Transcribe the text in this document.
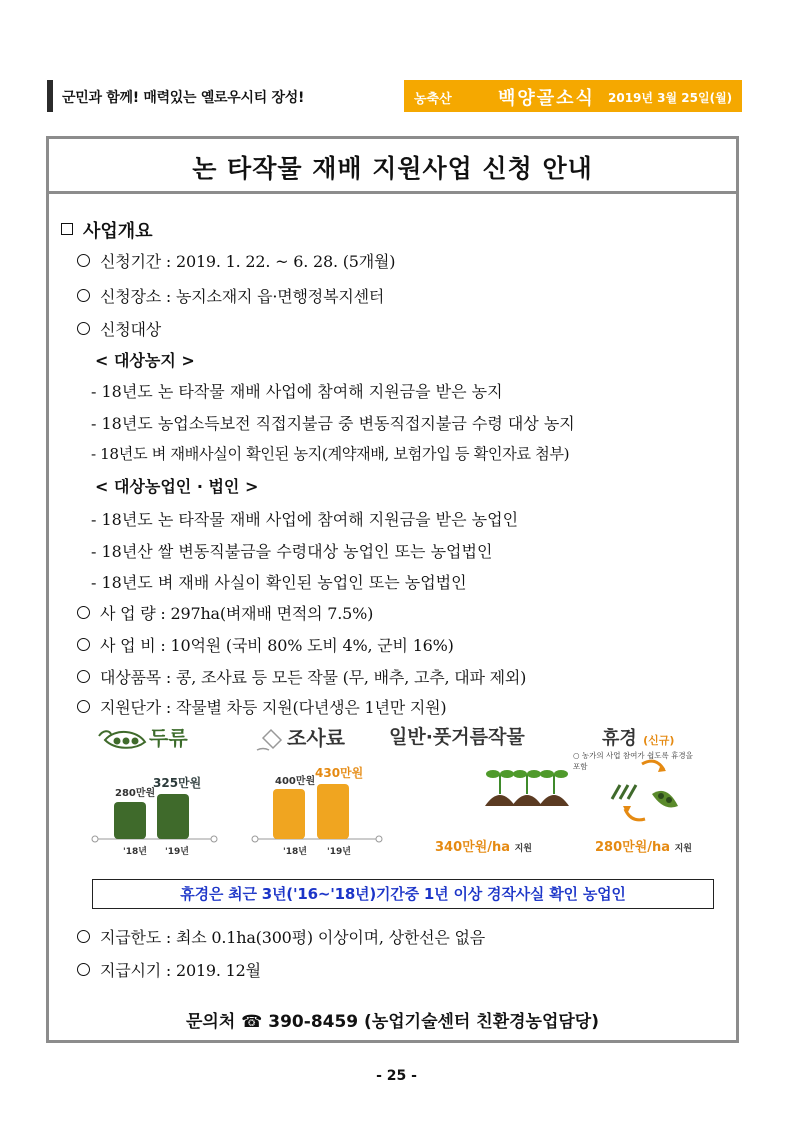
군민과 함께! 매력있는 옐로우시티 장성!	농축산	백양골소식 2019년 3월 25일(월)
논 타작물 재배 지원사업 신청 안내
사업개요
신청기간 : 2019. 1. 22. ~ 6. 28. (5개월)
신청장소 : 농지소재지 읍·면행정복지센터
신청대상
< 대상농지 >
- 18년도 논 타작물 재배 사업에 참여해 지원금을 받은 농지
- 18년도 농업소득보전 직접지불금 중 변동직접지불금 수령 대상 농지
- 18년도 벼 재배사실이 확인된 농지(계약재배, 보험가입 등 확인자료 첨부)
< 대상농업인 · 법인 >
- 18년도 논 타작물 재배 사업에 참여해 지원금을 받은 농업인
- 18년산 쌀 변동직불금을 수령대상 농업인 또는 농업법인
- 18년도 벼 재배 사실이 확인된 농업인 또는 농업법인
사 업 량 : 297ha(벼재배 면적의 7.5%)
사 업 비 : 10억원 (국비 80% 도비 4%, 군비 16%)
대상품목 : 콩, 조사료 등 모든 작물 (무, 배추, 고추, 대파 제외)
지원단가 : 작물별 차등 지원(다년생은 1년만 지원)
두류
280만원
325만원
'18년 '19년
조사료
400만원
430만원
'18년 '19년
일반·풋거름작물
340만원/ha 지원
휴경 (신규)
○ 농가의 사업 참여가 쉽도록 휴경을 포함
280만원/ha 지원
휴경은 최근 3년('16~'18년)기간중 1년 이상 경작사실 확인 농업인
지급한도 : 최소 0.1ha(300평) 이상이며, 상한선은 없음
지급시기 : 2019. 12월
문의처 ☎ 390-8459 (농업기술센터 친환경농업담당)
- 25 -
